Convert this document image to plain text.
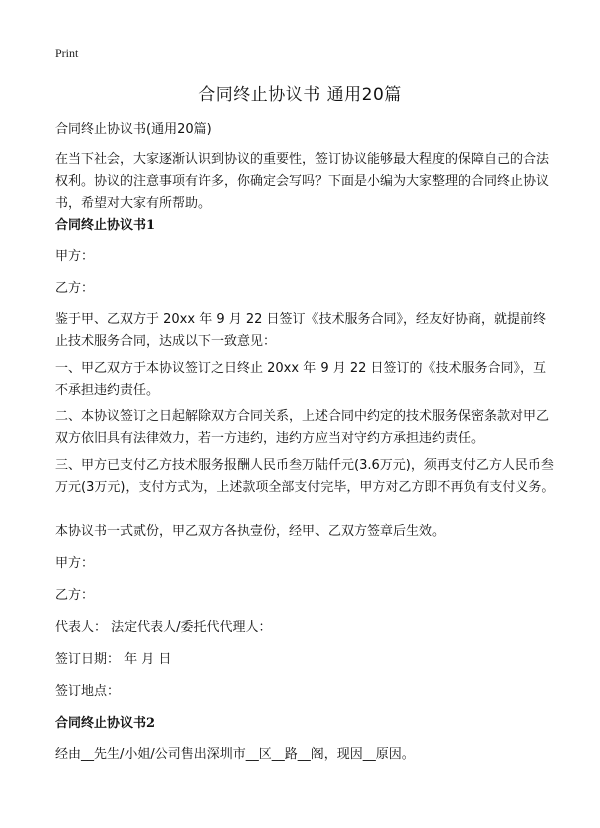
Print
合同终止协议书 通用20篇

合同终止协议书(通用20篇)

在当下社会，大家逐渐认识到协议的重要性，签订协议能够最大程度的保障自己的合法权利。协议的注意事项有许多，你确定会写吗？下面是小编为大家整理的合同终止协议书，希望对大家有所帮助。

合同终止协议书1

甲方：

乙方：

鉴于甲、乙双方于 20xx 年 9 月 22 日签订《技术服务合同》，经友好协商，就提前终止技术服务合同，达成以下一致意见：

一、甲乙双方于本协议签订之日终止 20xx 年 9 月 22 日签订的《技术服务合同》，互不承担违约责任。

二、本协议签订之日起解除双方合同关系，上述合同中约定的技术服务保密条款对甲乙双方依旧具有法律效力，若一方违约，违约方应当对守约方承担违约责任。

三、甲方已支付乙方技术服务报酬人民币叁万陆仟元(3.6万元)，须再支付乙方人民币叁万元(3万元)，支付方式为，上述款项全部支付完毕，甲方对乙方即不再负有支付义务。

本协议书一式贰份，甲乙双方各执壹份，经甲、乙双方签章后生效。

甲方：

乙方：

代表人： 法定代表人/委托代代理人：

签订日期： 年 月 日

签订地点：

合同终止协议书2

经由__先生/小姐/公司售出深圳市__区__路__阁，现因__原因。
